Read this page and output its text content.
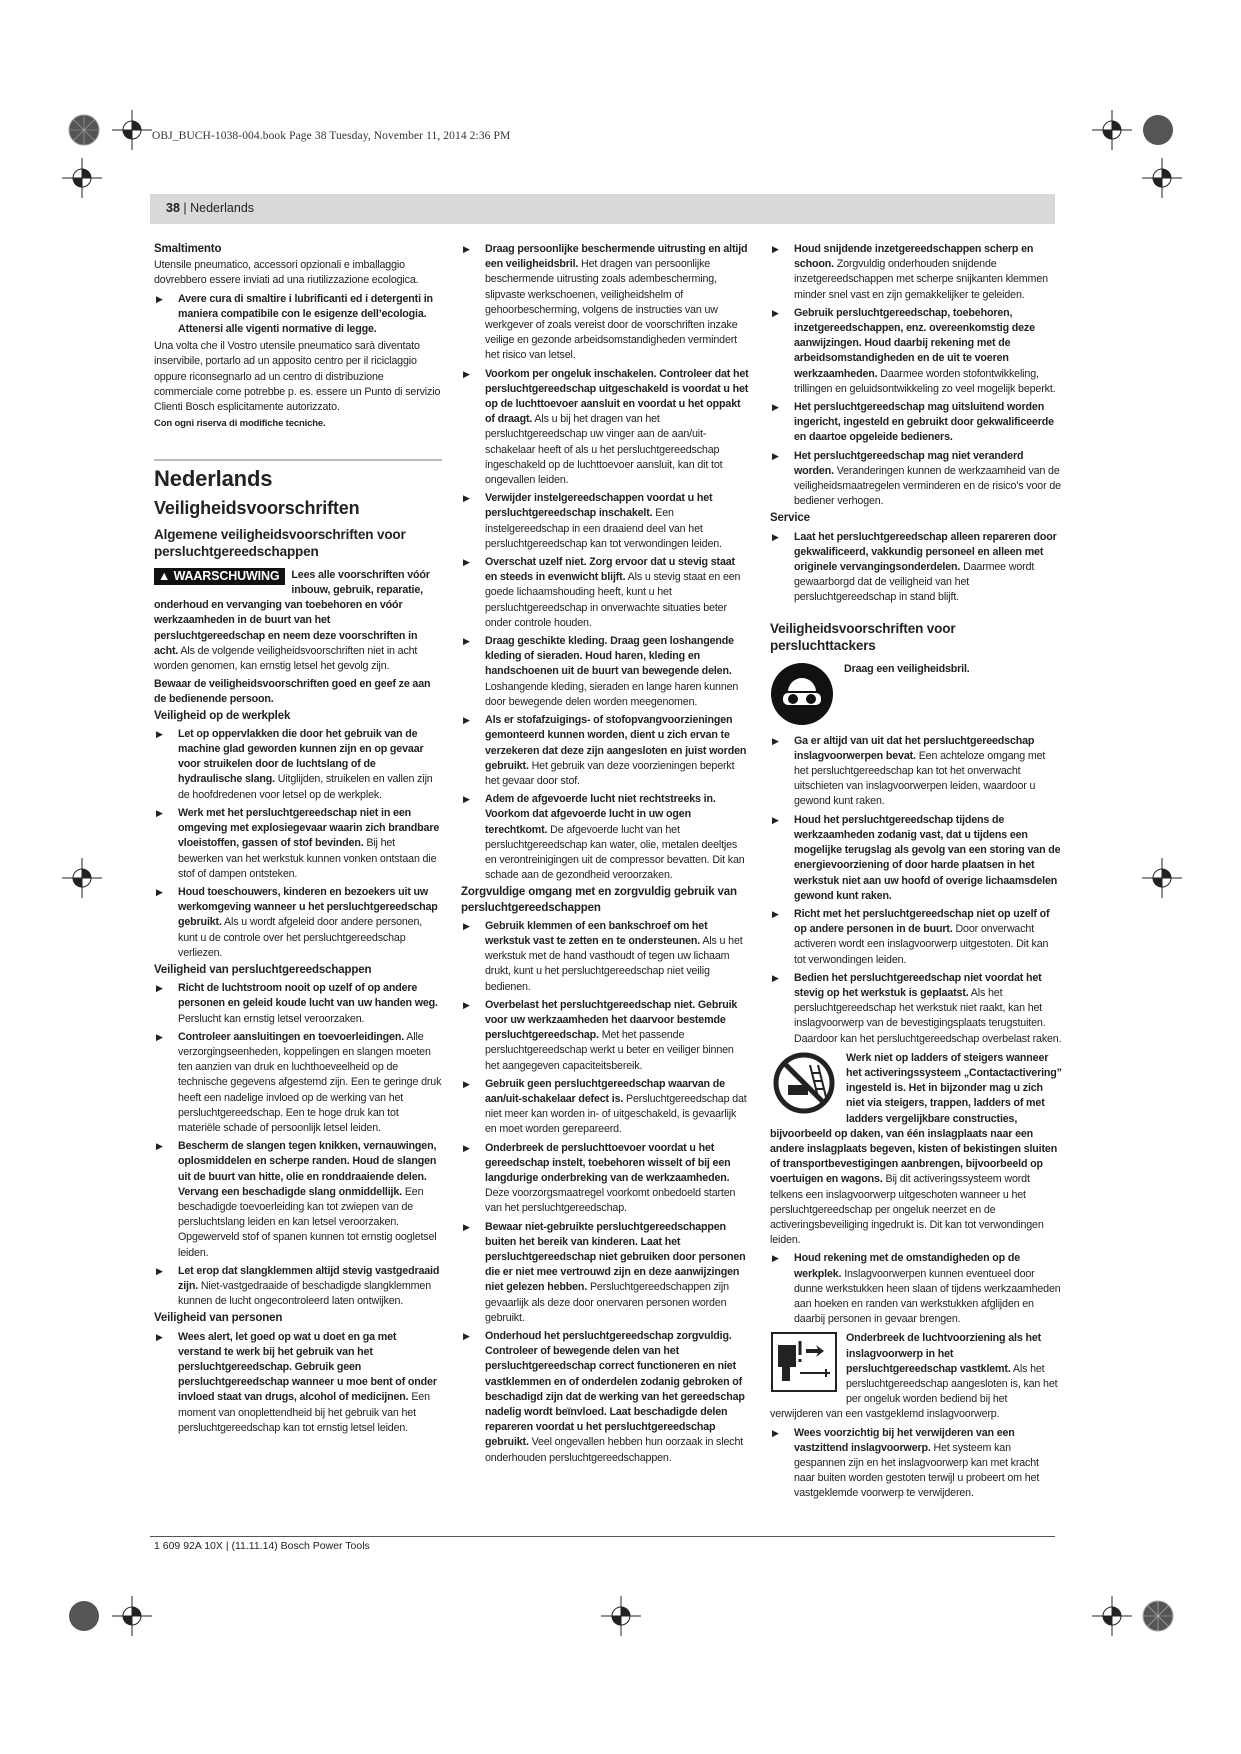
OBJ_BUCH-1038-004.book Page 38 Tuesday, November 11, 2014 2:36 PM
38 | Nederlands

Smaltimento

Utensile pneumatico, accessori opzionali e imballaggio dovrebbero essere inviati ad una riutilizzazione ecologica.

▶ Avere cura di smaltire i lubrificanti ed i detergenti in maniera compatibile con le esigenze dell’ecologia. Attenersi alle vigenti normative di legge.

Una volta che il Vostro utensile pneumatico sarà diventato inservibile, portarlo ad un apposito centro per il riciclaggio oppure riconsegnarlo ad un centro di distribuzione commerciale come potrebbe p. es. essere un Punto di servizio Clienti Bosch esplicitamente autorizzato.

Con ogni riserva di modifiche tecniche.

Nederlands
Veiligheidsvoorschriften
Algemene veiligheidsvoorschriften voor persluchtgereedschappen
▲ WAARSCHUWING	Lees alle voorschriften vóór inbouw, gebruik, reparatie, onderhoud en vervanging van toebehoren en vóór werkzaamheden in de buurt van het persluchtgereedschap en neem deze voorschriften in acht. Als de volgende veiligheidsvoorschriften niet in acht worden genomen, kan ernstig letsel het gevolg zijn.

Bewaar de veiligheidsvoorschriften goed en geef ze aan de bedienende persoon.

Veiligheid op de werkplek

▶ Let op oppervlakken die door het gebruik van de machine glad geworden kunnen zijn en op gevaar voor struikelen door de luchtslang of de hydraulische slang. Uitglijden, struikelen en vallen zijn de hoofdredenen voor letsel op de werkplek.
▶ Werk met het persluchtgereedschap niet in een omgeving met explosiegevaar waarin zich brandbare vloeistoffen, gassen of stof bevinden. Bij het bewerken van het werkstuk kunnen vonken ontstaan die stof of dampen ontsteken.
▶ Houd toeschouwers, kinderen en bezoekers uit uw werkomgeving wanneer u het persluchtgereedschap gebruikt. Als u wordt afgeleid door andere personen, kunt u de controle over het persluchtgereedschap verliezen.

Veiligheid van persluchtgereedschappen

▶ Richt de luchtstroom nooit op uzelf of op andere personen en geleid koude lucht van uw handen weg. Perslucht kan ernstig letsel veroorzaken.
▶ Controleer aansluitingen en toevoerleidingen. Alle verzorgingseenheden, koppelingen en slangen moeten ten aanzien van druk en luchthoeveelheid op de technische gegevens afgestemd zijn. Een te geringe druk heeft een nadelige invloed op de werking van het persluchtgereedschap. Een te hoge druk kan tot materiële schade of persoonlijk letsel leiden.
▶ Bescherm de slangen tegen knikken, vernauwingen, oplosmiddelen en scherpe randen. Houd de slangen uit de buurt van hitte, olie en ronddraaiende delen. Vervang een beschadigde slang onmiddellijk. Een beschadigde toevoerleiding kan tot zwiepen van de persluchtslang leiden en kan letsel veroorzaken. Opgewerveld stof of spanen kunnen tot ernstig oogletsel leiden.
▶ Let erop dat slangklemmen altijd stevig vastgedraaid zijn. Niet-vastgedraaide of beschadigde slangklemmen kunnen de lucht ongecontroleerd laten ontwijken.

Veiligheid van personen

▶ Wees alert, let goed op wat u doet en ga met verstand te werk bij het gebruik van het persluchtgereedschap. Gebruik geen persluchtgereedschap wanneer u moe bent of onder invloed staat van drugs, alcohol of medicijnen. Een moment van onoplettendheid bij het gebruik van het persluchtgereedschap kan tot ernstig letsel leiden.
▶ Draag persoonlijke beschermende uitrusting en altijd een veiligheidsbril. Het dragen van persoonlijke beschermende uitrusting zoals adembescherming, slipvaste werkschoenen, veiligheidshelm of gehoorbescherming, volgens de instructies van uw werkgever of zoals vereist door de voorschriften inzake veilige en gezonde arbeidsomstandigheden vermindert het risico van letsel.
▶ Voorkom per ongeluk inschakelen. Controleer dat het persluchtgereedschap uitgeschakeld is voordat u het op de luchttoevoer aansluit en voordat u het oppakt of draagt. Als u bij het dragen van het persluchtgereedschap uw vinger aan de aan/uit-schakelaar heeft of als u het persluchtgereedschap ingeschakeld op de luchttoevoer aansluit, kan dit tot ongevallen leiden.
▶ Verwijder instelgereedschappen voordat u het persluchtgereedschap inschakelt. Een instelgereedschap in een draaiend deel van het persluchtgereedschap kan tot verwondingen leiden.
▶ Overschat uzelf niet. Zorg ervoor dat u stevig staat en steeds in evenwicht blijft. Als u stevig staat en een goede lichaamshouding heeft, kunt u het persluchtgereedschap in onverwachte situaties beter onder controle houden.
▶ Draag geschikte kleding. Draag geen loshangende kleding of sieraden. Houd haren, kleding en handschoenen uit de buurt van bewegende delen. Loshangende kleding, sieraden en lange haren kunnen door bewegende delen worden meegenomen.
▶ Als er stofafzuigings- of stofopvangvoorzieningen gemonteerd kunnen worden, dient u zich ervan te verzekeren dat deze zijn aangesloten en juist worden gebruikt. Het gebruik van deze voorzieningen beperkt het gevaar door stof.
▶ Adem de afgevoerde lucht niet rechtstreeks in. Voorkom dat afgevoerde lucht in uw ogen terechtkomt. De afgevoerde lucht van het persluchtgereedschap kan water, olie, metalen deeltjes en verontreinigingen uit de compressor bevatten. Dit kan schade aan de gezondheid veroorzaken.

Zorgvuldige omgang met en zorgvuldig gebruik van persluchtgereedschappen

▶ Gebruik klemmen of een bankschroef om het werkstuk vast te zetten en te ondersteunen. Als u het werkstuk met de hand vasthoudt of tegen uw lichaam drukt, kunt u het persluchtgereedschap niet veilig bedienen.
▶ Overbelast het persluchtgereedschap niet. Gebruik voor uw werkzaamheden het daarvoor bestemde persluchtgereedschap. Met het passende persluchtgereedschap werkt u beter en veiliger binnen het aangegeven capaciteitsbereik.
▶ Gebruik geen persluchtgereedschap waarvan de aan/uit-schakelaar defect is. Persluchtgereedschap dat niet meer kan worden in- of uitgeschakeld, is gevaarlijk en moet worden gerepareerd.
▶ Onderbreek de persluchttoevoer voordat u het gereedschap instelt, toebehoren wisselt of bij een langdurige onderbreking van de werkzaamheden. Deze voorzorgsmaatregel voorkomt onbedoeld starten van het persluchtgereedschap.
▶ Bewaar niet-gebruikte persluchtgereedschappen buiten het bereik van kinderen. Laat het persluchtgereedschap niet gebruiken door personen die er niet mee vertrouwd zijn en deze aanwijzingen niet gelezen hebben. Persluchtgereedschappen zijn gevaarlijk als deze door onervaren personen worden gebruikt.
▶ Onderhoud het persluchtgereedschap zorgvuldig. Controleer of bewegende delen van het persluchtgereedschap correct functioneren en niet vastklemmen en of onderdelen zodanig gebroken of beschadigd zijn dat de werking van het gereedschap nadelig wordt beïnvloed. Laat beschadigde delen repareren voordat u het persluchtgereedschap gebruikt. Veel ongevallen hebben hun oorzaak in slecht onderhouden persluchtgereedschappen.
▶ Houd snijdende inzetgereedschappen scherp en schoon. Zorgvuldig onderhouden snijdende inzetgereedschappen met scherpe snijkanten klemmen minder snel vast en zijn gemakkelijker te geleiden.
▶ Gebruik persluchtgereedschap, toebehoren, inzetgereedschappen, enz. overeenkomstig deze aanwijzingen. Houd daarbij rekening met de arbeidsomstandigheden en de uit te voeren werkzaamheden. Daarmee worden stofontwikkeling, trillingen en geluidsontwikkeling zo veel mogelijk beperkt.
▶ Het persluchtgereedschap mag uitsluitend worden ingericht, ingesteld en gebruikt door gekwalificeerde en daartoe opgeleide bedieners.
▶ Het persluchtgereedschap mag niet veranderd worden. Veranderingen kunnen de werkzaamheid van de veiligheidsmaatregelen verminderen en de risico’s voor de bediener verhogen.

Service

▶ Laat het persluchtgereedschap alleen repareren door gekwalificeerd, vakkundig personeel en alleen met originele vervangingsonderdelen. Daarmee wordt gewaarborgd dat de veiligheid van het persluchtgereedschap in stand blijft.
Veiligheidsvoorschriften voor persluchttackers
Draag een veiligheidsbril.
▶ Ga er altijd van uit dat het persluchtgereedschap inslagvoorwerpen bevat. Een achteloze omgang met het persluchtgereedschap kan tot het onverwacht uitschieten van inslagvoorwerpen leiden, waardoor u gewond kunt raken.
▶ Houd het persluchtgereedschap tijdens de werkzaamheden zodanig vast, dat u tijdens een mogelijke terugslag als gevolg van een storing van de energievoorziening of door harde plaatsen in het werkstuk niet aan uw hoofd of overige lichaamsdelen gewond kunt raken.
▶ Richt met het persluchtgereedschap niet op uzelf of op andere personen in de buurt. Door onverwacht activeren wordt een inslagvoorwerp uitgestoten. Dit kan tot verwondingen leiden.
▶ Bedien het persluchtgereedschap niet voordat het stevig op het werkstuk is geplaatst. Als het persluchtgereedschap het werkstuk niet raakt, kan het inslagvoorwerp van de bevestigingsplaats terugstuiten. Daardoor kan het persluchtgereedschap overbelast raken.
Werk niet op ladders of steigers wanneer het activeringssysteem „Contactactivering” ingesteld is. Het in bijzonder mag u zich niet via steigers, trappen, ladders of met ladders vergelijkbare constructies, bijvoorbeeld op daken, van één inslagplaats naar een andere inslagplaats begeven, kisten of bekistingen sluiten of transportbevestigingen aanbrengen, bijvoorbeeld op voertuigen en wagons. Bij dit activeringssysteem wordt telkens een inslagvoorwerp uitgeschoten wanneer u het persluchtgereedschap per ongeluk neerzet en de activeringsbeveiliging ingedrukt is. Dit kan tot verwondingen leiden.
▶ Houd rekening met de omstandigheden op de werkplek. Inslagvoorwerpen kunnen eventueel door dunne werkstukken heen slaan of tijdens werkzaamheden aan hoeken en randen van werkstukken afglijden en daarbij personen in gevaar brengen.
Onderbreek de luchtvoorziening als het inslagvoorwerp in het persluchtgereedschap vastklemt. Als het persluchtgereedschap aangesloten is, kan het per ongeluk worden bediend bij het verwijderen van een vastgeklemd inslagvoorwerp.
▶ Wees voorzichtig bij het verwijderen van een vastzittend inslagvoorwerp. Het systeem kan gespannen zijn en het inslagvoorwerp kan met kracht naar buiten worden gestoten terwijl u probeert om het vastgeklemde voorwerp te verwijderen.
1 609 92A 10X | (11.11.14) Bosch Power Tools
